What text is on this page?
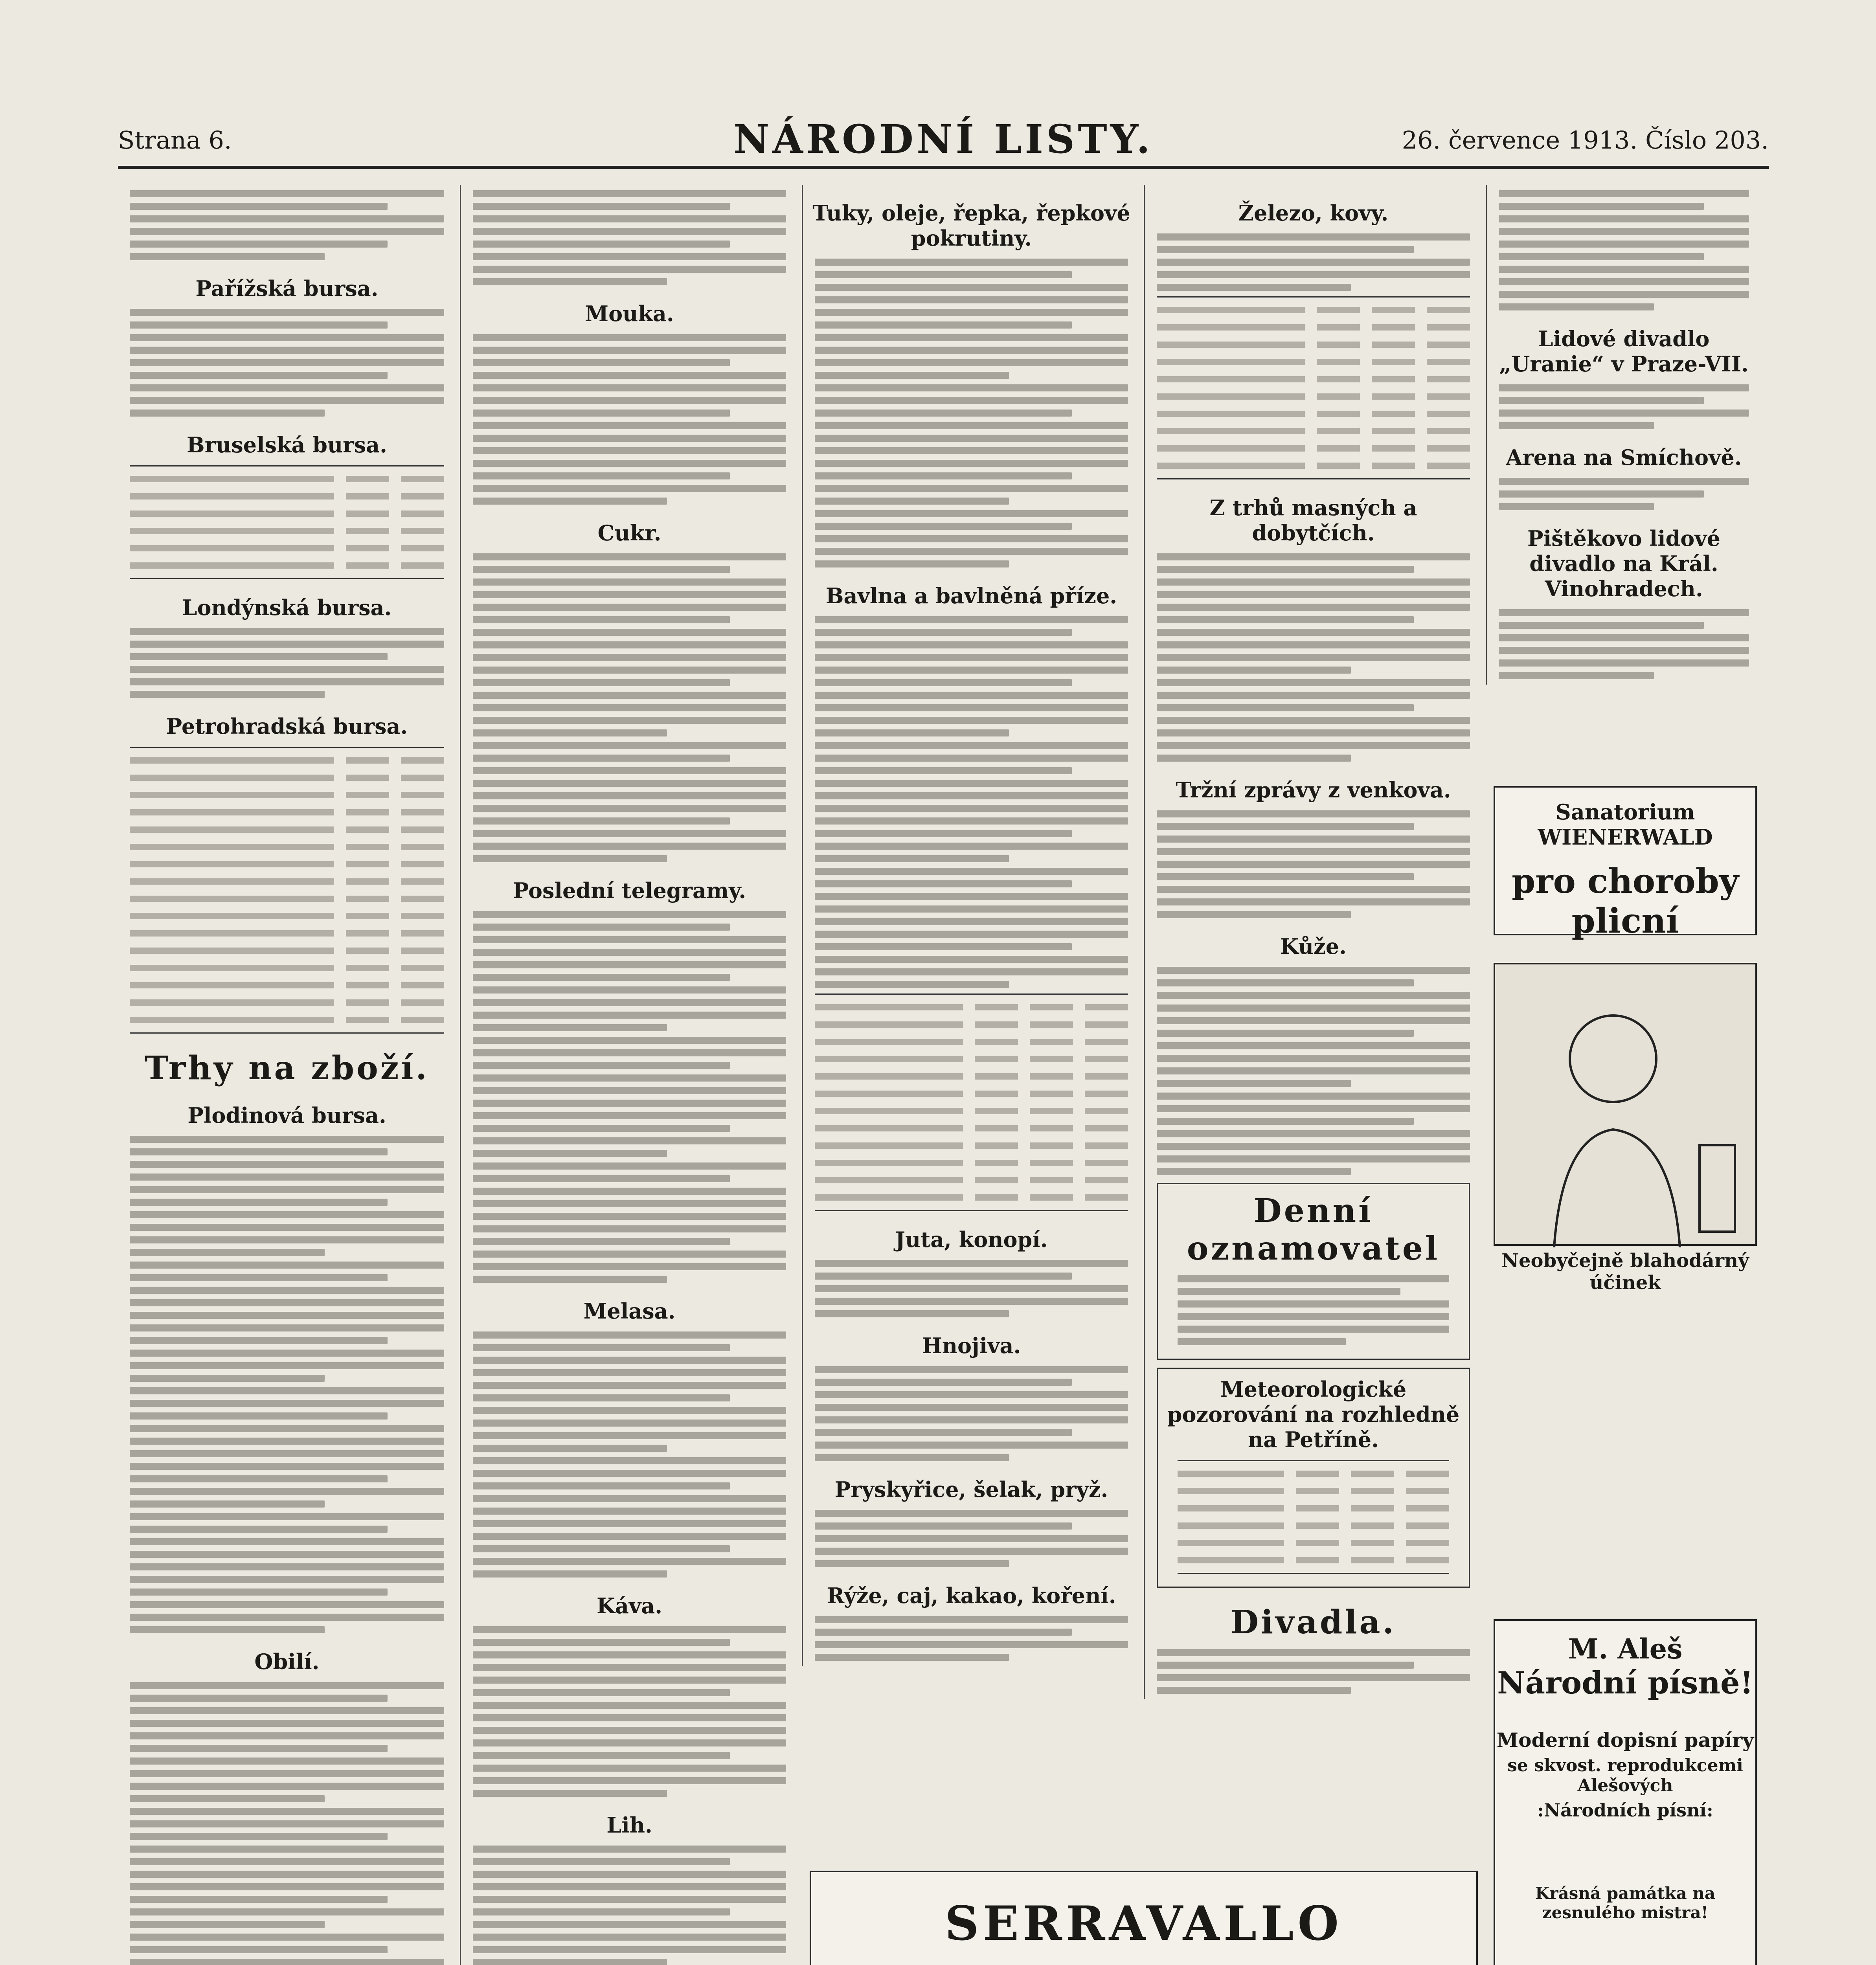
Strana 6.	NÁRODNÍ LISTY.	26. července 1913. Číslo 203.
Pařížská bursa.
Bruselská bursa.
Londýnská bursa.
Petrohradská bursa.
Trhy na zboží.
Plodinová bursa.
Obilí.
Mouka.
Cukr.
Poslední telegramy.
Melasa.
Káva.
Lih.
Tuky, oleje, řepka, řepkové pokrutiny.
Bavlna a bavlněná příze.
Juta, konopí.
Hnojiva.
Pryskyřice, šelak, pryž.
Rýže, caj, kakao, koření.
Železo, kovy.
Z trhů masných a dobytčích.
Tržní zprávy z venkova.
Kůže.
Denní oznamovatel
Meteorologické pozorování na rozhledně na Petříně.
Divadla.
Lidové divadlo „Uranie“ v Praze-VII.
Arena na Smíchově.
Pištěkovo lidové divadlo na Král. Vinohradech.
Sanatorium WIENERWALD
pro choroby plicní
Neobyčejně blahodárný účinek
M. Aleš
Národní písně!
Moderní dopisní papíry
se skvost. reprodukcemi Alešových
:Národních písní:
Krásná památka na zesnulého mistra!
SERRAVALLO
